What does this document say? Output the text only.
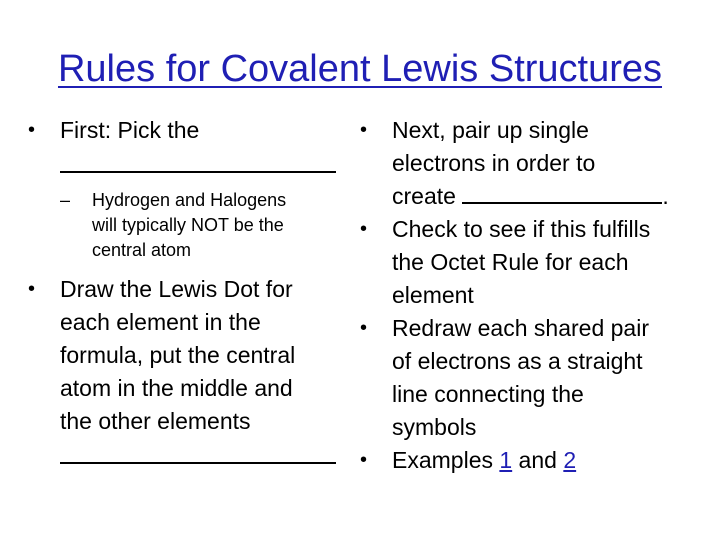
Rules for Covalent Lewis Structures
•	First: Pick the
–	Hydrogen and Halogens
will typically NOT be the
central atom
•	Draw the Lewis Dot for
each element in the
formula, put the central
atom in the middle and
the other elements
•	Next, pair up single
electrons in order to
create	.
•	Check to see if this fulfills
the Octet Rule for each
element
•	Redraw each shared pair
of electrons as a straight
line connecting the
symbols
•	Examples 1 and 2
